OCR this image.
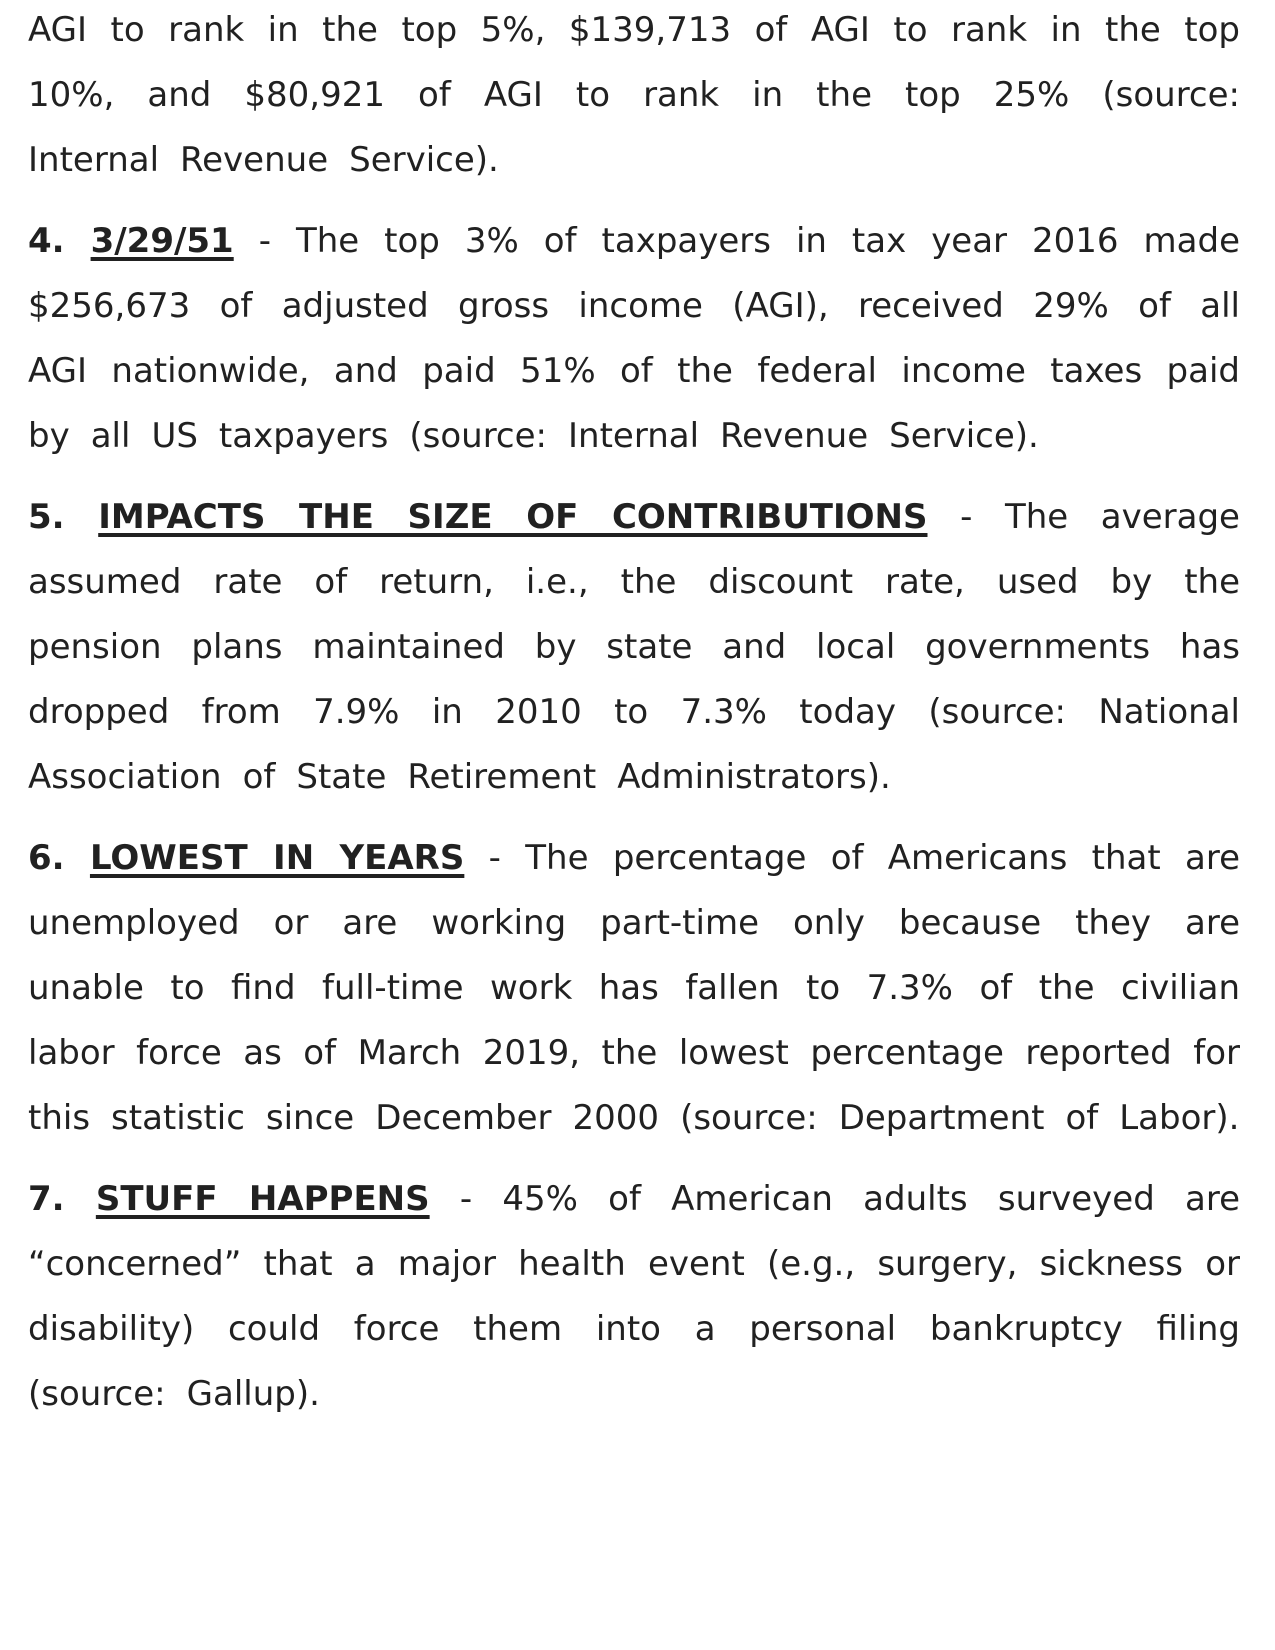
AGI to rank in the top 5%, $139,713 of AGI to rank in the top 10%, and $80,921 of AGI to rank in the top 25% (source: Internal Revenue Service).

4. 3/29/51 - The top 3% of taxpayers in tax year 2016 made $256,673 of adjusted gross income (AGI), received 29% of all AGI nationwide, and paid 51% of the federal income taxes paid by all US taxpayers (source: Internal Revenue Service).

5. IMPACTS THE SIZE OF CONTRIBUTIONS - The average assumed rate of return, i.e., the discount rate, used by the pension plans maintained by state and local governments has dropped from 7.9% in 2010 to 7.3% today (source: National Association of State Retirement Administrators).

6. LOWEST IN YEARS - The percentage of Americans that are unemployed or are working part-time only because they are unable to find full-time work has fallen to 7.3% of the civilian labor force as of March 2019, the lowest percentage reported for this statistic since December 2000 (source: Department of Labor).

7. STUFF HAPPENS - 45% of American adults surveyed are “concerned” that a major health event (e.g., surgery, sickness or disability) could force them into a personal bankruptcy filing (source: Gallup).
